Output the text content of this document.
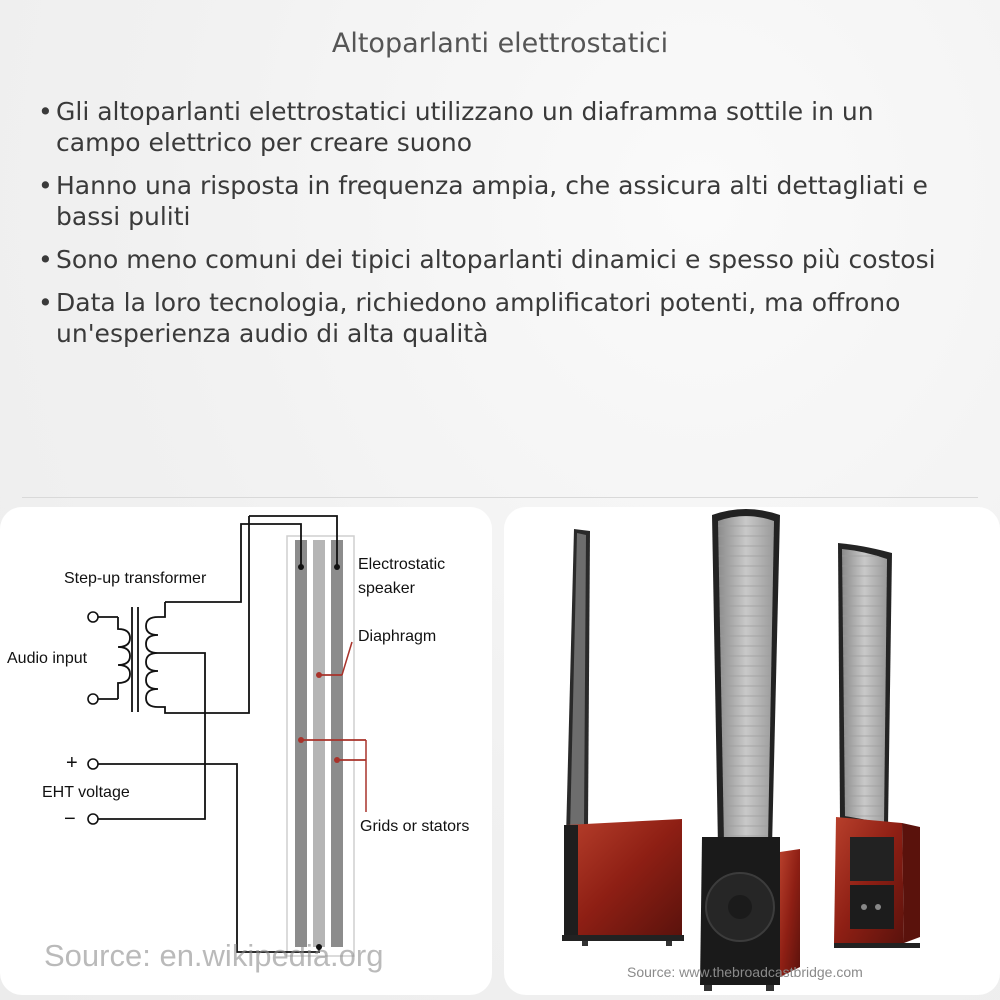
Altoparlanti elettrostatici
• Gli altoparlanti elettrostatici utilizzano un diaframma sottile in un campo elettrico per creare suono
• Hanno una risposta in frequenza ampia, che assicura alti dettagliati e bassi puliti
• Sono meno comuni dei tipici altoparlanti dinamici e spesso più costosi
• Data la loro tecnologia, richiedono amplificatori potenti, ma offrono un'esperienza audio di alta qualità
Step-up transformer
Audio input
+
EHT voltage
−
Electrostatic
speaker
Diaphragm
Grids or stators
Source: en.wikipedia.org	Source: www.thebroadcastbridge.com
